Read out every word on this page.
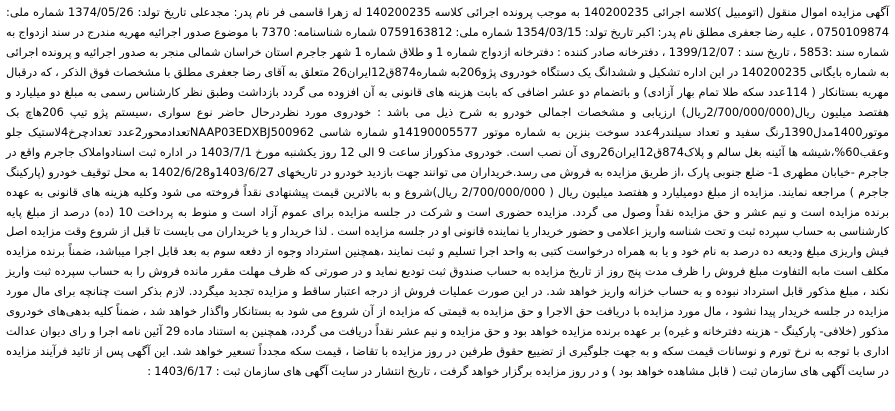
آگهی مزایده اموال منقول (اتومبیل )کلاسه اجرائی 140200235 به موجب پرونده اجرائی کلاسه 140200235 له زهرا قاسمی فر نام پدر: مجدعلی تاریخ تولد: 1374/05/26 شماره ملی: 0750109874 ، علیه رضا جعفری مطلق نام پدر: اکبر تاریخ تولد: 1354/03/15 شماره ملی: 0759163812 شماره شناسنامه: 7370 با موضوع صدور اجرائیه مهریه مندرج در سند ازدواج به شماره سند :5853 ، تاریخ سند : 1399/12/07 ، دفترخانه صادر کننده : دفترخانه ازدواج شماره 1 و طلاق شماره 1 شهر جاجرم استان خراسان شمالی منجر به صدور اجرائیه و پرونده اجرائی به شماره بایگانی 140200235 در این اداره تشکیل و ششدانگ یک دستگاه خودروی پژو206به شماره874ق12ایران26 متعلق به آقای رضا جعفری مطلق با مشخصات فوق الذکر ، که درقبال مهریه بستانکار ( 114عدد سکه طلا تمام بهار آزادی) و باتضمام دو عشر اضافی که بابت هزینه های قانونی به آن افزوده می گردد بازداشت وطبق نظر کارشناس رسمی به مبلغ دو میلیارد و هفتصد میلیون ریال(2/700/000/000ریال) ارزیابی و مشخصات اجمالی خودرو به شرح ذیل می باشد : خودروی مورد نظردرحال حاضر نوع سواری ،سیستم پژو تیپ 206هاچ بک موتور1400مدل1390رنگ سفید و تعداد سیلندر4عدد سوخت بنزین به شماره موتور 14190005577و شماره شاسی NAAP03EDXBJ500962تعدادمحور2عدد تعدادچرخ4لاستیک جلو وعقب60%،شیشه ها آئینه بغل سالم و پلاک874ق12ایران26روی آن نصب است. خودروی مذکوراز ساعت 9 الی 12 روز یکشنبه مورخ 1403/7/1 در اداره ثبت اسنادواملاک جاجرم واقع در جاجرم -خیابان مطهری 1- ضلع جنوبی پارک ،از طریق مزایده به فروش می رسد.خریداران می توانند جهت بازدید خودرو در تاریخهای 1403/6/27و1402/6/28 به محل توقیف خودرو (پارکینگ جاجرم ) مراجعه نمایند. مزایده از مبلغ دومیلیارد و هفتصد میلیون ریال ( 2/700/000/000 ریال)شروع و به بالاترین قیمت پیشنهادی نقداً فروخته می شود وکلیه هزینه های قانونی به عهده برنده مزایده است و نیم عشر و حق مزایده نقداً وصول می گردد. مزایده حضوری است و شرکت در جلسه مزایده برای عموم آزاد است و منوط به پرداخت 10 (ده) درصد از مبلغ پایه کارشناسی به حساب سپرده ثبت و تحت شناسه واریز اعلامی و حضور خریدار یا نماینده قانونی او در جلسه مزایده است . لذا خریدار و یا خریداران می بایست تا قبل از شروع وقت مزایده اصل فیش واریزی مبلغ ودیعه ده درصد به نام خود و یا به همراه درخواست کتبی به واحد اجرا تسلیم و ثبت نمایند ،همچنین استرداد وجوه از دفعه سوم به بعد قابل اجرا میباشد، ضمناً برنده مزایده مکلف است مابه التفاوت مبلغ فروش را ظرف مدت پنج روز از تاریخ مزایده به حساب صندوق ثبت تودیع نماید و در صورتی که ظرف مهلت مقرر مانده فروش را به حساب سپرده ثبت واریز نکند ، مبلغ مذکور قابل استرداد نبوده و به حساب خزانه واریز خواهد شد. در این صورت عملیات فروش از درجه اعتبار ساقط و مزایده تجدید میگردد. لازم بذکر است چنانچه برای مال مورد مزایده در جلسه خریدار پیدا نشود ، مال مورد مزایده با دریافت حق الاجرا و حق مزایده به قیمتی که مزایده از آن شروع می شود به بستانکار واگذار خواهد شد ، ضمناً کلیه بدهی‌های خودروی مذکور (خلافی- پارکینگ - هزینه دفترخانه و غیره) بر عهده برنده مزایده خواهد بود و حق مزایده و نیم عشر نقداً دریافت می گردد، همچنین به استناد ماده 29 آئین نامه اجرا و رای دیوان عدالت اداری با توجه به نرخ تورم و نوسانات قیمت سکه و به جهت جلوگیری از تضییع حقوق طرفین در روز مزایده با تقاضا ، قیمت سکه مجدداً تسعیر خواهد شد. این آگهی پس از تائید فرآیند مزایده در سایت آگهی های سازمان ثبت ( قابل مشاهده خواهد بود ) و در روز مزایده برگزار خواهد گرفت ، تاریخ انتشار در سایت آگهی های سازمان ثبت : 1403/6/17 :
